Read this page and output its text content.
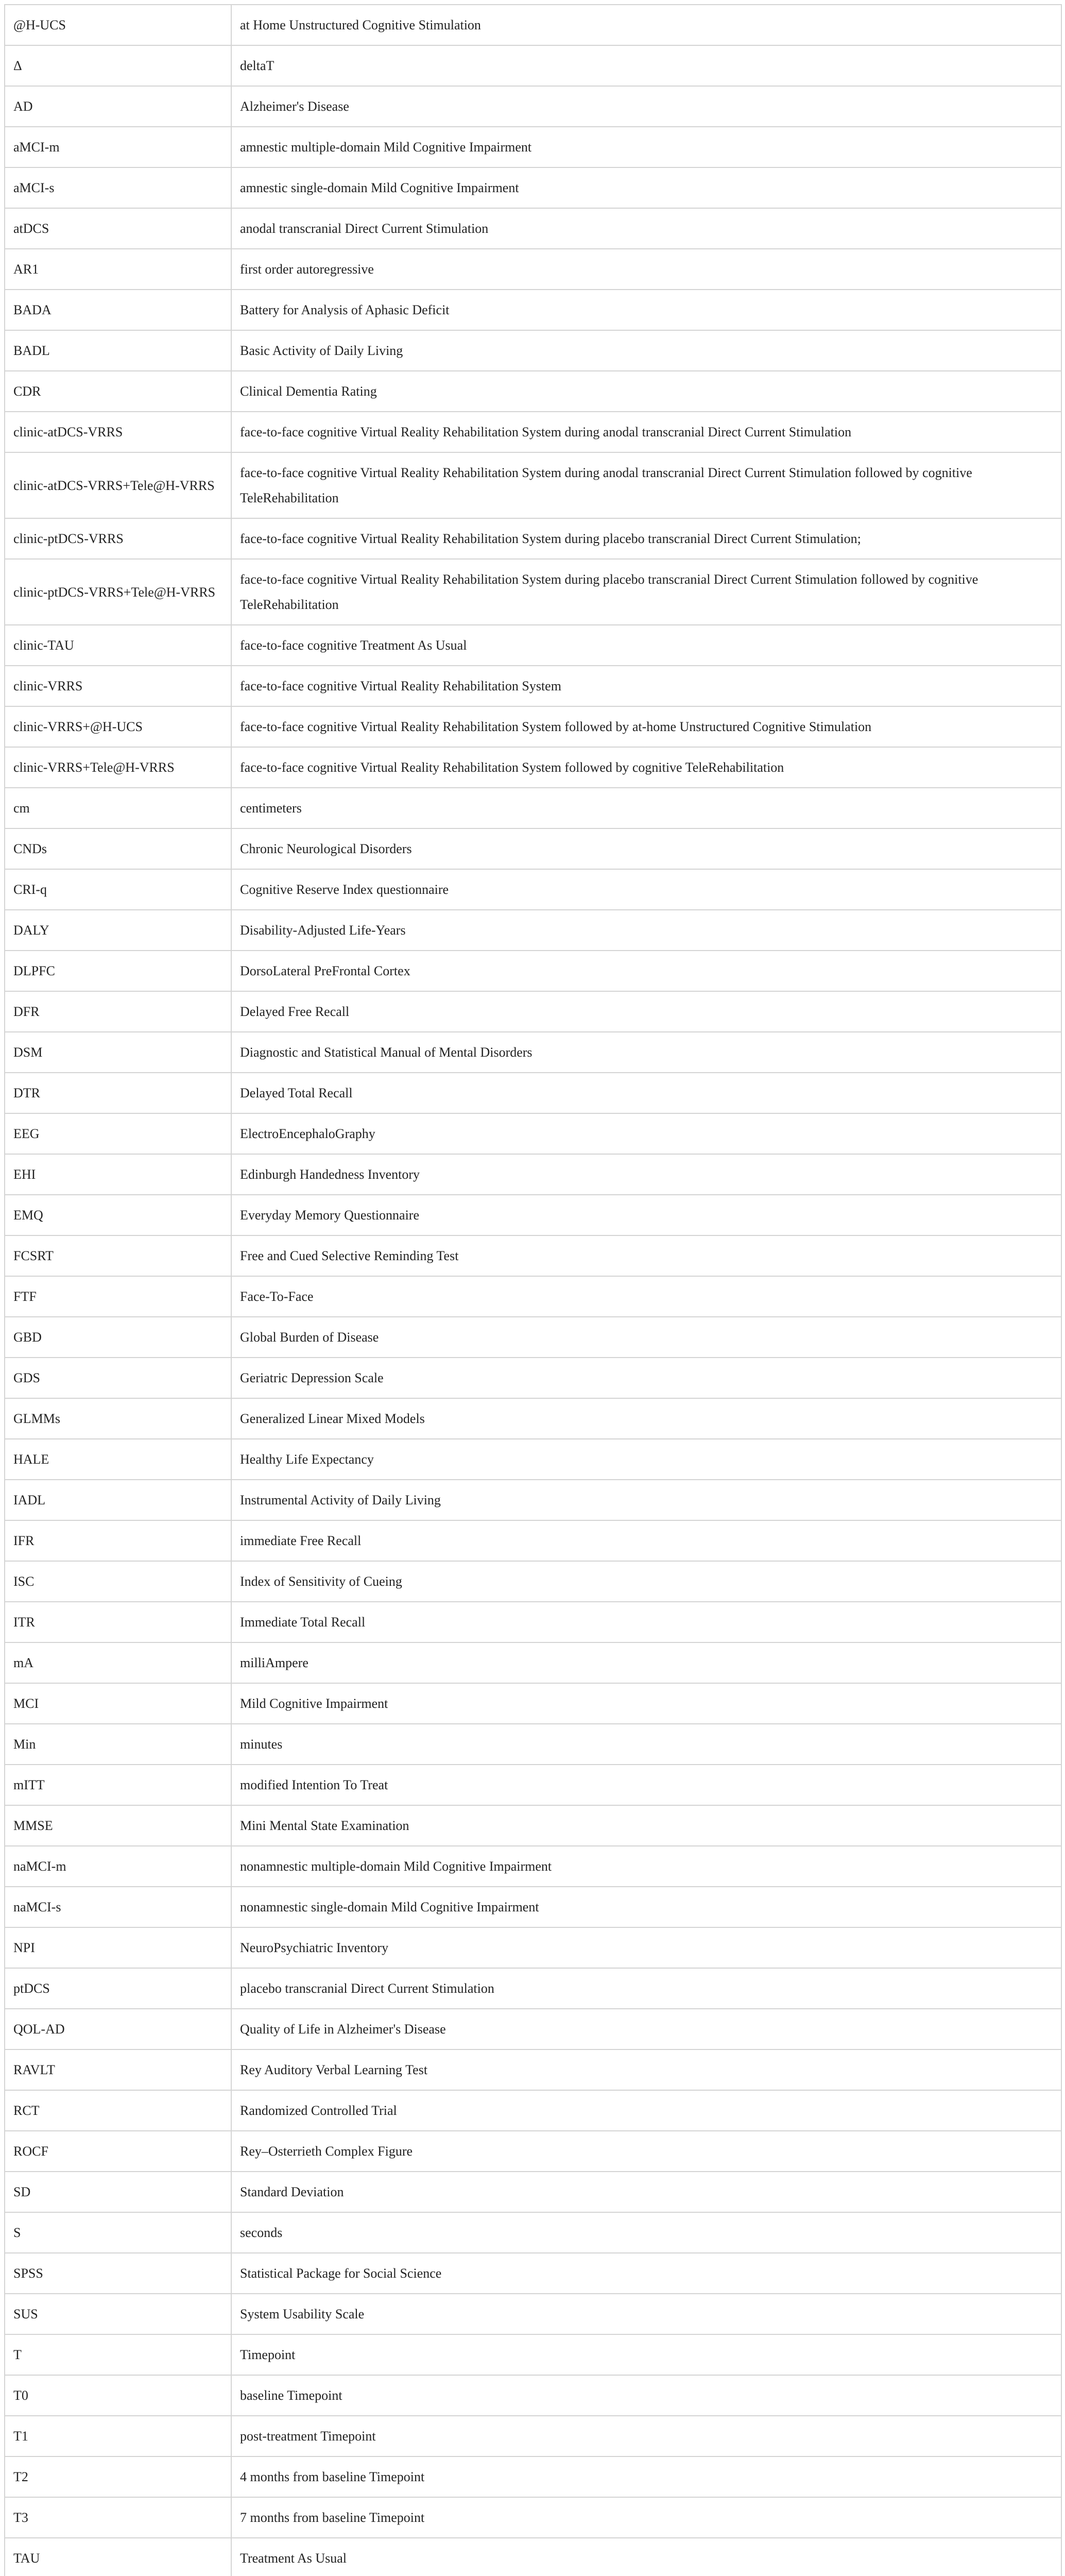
@H-UCS	at Home Unstructured Cognitive Stimulation
Δ	deltaT
AD	Alzheimer's Disease
aMCI-m	amnestic multiple-domain Mild Cognitive Impairment
aMCI-s	amnestic single-domain Mild Cognitive Impairment
atDCS	anodal transcranial Direct Current Stimulation
AR1	first order autoregressive
BADA	Battery for Analysis of Aphasic Deficit
BADL	Basic Activity of Daily Living
CDR	Clinical Dementia Rating
clinic-atDCS-VRRS	face-to-face cognitive Virtual Reality Rehabilitation System during anodal transcranial Direct Current Stimulation
clinic-atDCS-VRRS+Tele@H-VRRS	face-to-face cognitive Virtual Reality Rehabilitation System during anodal transcranial Direct Current Stimulation followed by cognitive TeleRehabilitation
clinic-ptDCS-VRRS	face-to-face cognitive Virtual Reality Rehabilitation System during placebo transcranial Direct Current Stimulation;
clinic-ptDCS-VRRS+Tele@H-VRRS	face-to-face cognitive Virtual Reality Rehabilitation System during placebo transcranial Direct Current Stimulation followed by cognitive TeleRehabilitation
clinic-TAU	face-to-face cognitive Treatment As Usual
clinic-VRRS	face-to-face cognitive Virtual Reality Rehabilitation System
clinic-VRRS+@H-UCS	face-to-face cognitive Virtual Reality Rehabilitation System followed by at-home Unstructured Cognitive Stimulation
clinic-VRRS+Tele@H-VRRS	face-to-face cognitive Virtual Reality Rehabilitation System followed by cognitive TeleRehabilitation
cm	centimeters
CNDs	Chronic Neurological Disorders
CRI-q	Cognitive Reserve Index questionnaire
DALY	Disability-Adjusted Life-Years
DLPFC	DorsoLateral PreFrontal Cortex
DFR	Delayed Free Recall
DSM	Diagnostic and Statistical Manual of Mental Disorders
DTR	Delayed Total Recall
EEG	ElectroEncephaloGraphy
EHI	Edinburgh Handedness Inventory
EMQ	Everyday Memory Questionnaire
FCSRT	Free and Cued Selective Reminding Test
FTF	Face-To-Face
GBD	Global Burden of Disease
GDS	Geriatric Depression Scale
GLMMs	Generalized Linear Mixed Models
HALE	Healthy Life Expectancy
IADL	Instrumental Activity of Daily Living
IFR	immediate Free Recall
ISC	Index of Sensitivity of Cueing
ITR	Immediate Total Recall
mA	milliAmpere
MCI	Mild Cognitive Impairment
Min	minutes
mITT	modified Intention To Treat
MMSE	Mini Mental State Examination
naMCI-m	nonamnestic multiple-domain Mild Cognitive Impairment
naMCI-s	nonamnestic single-domain Mild Cognitive Impairment
NPI	NeuroPsychiatric Inventory
ptDCS	placebo transcranial Direct Current Stimulation
QOL-AD	Quality of Life in Alzheimer's Disease
RAVLT	Rey Auditory Verbal Learning Test
RCT	Randomized Controlled Trial
ROCF	Rey–Osterrieth Complex Figure
SD	Standard Deviation
S	seconds
SPSS	Statistical Package for Social Science
SUS	System Usability Scale
T	Timepoint
T0	baseline Timepoint
T1	post-treatment Timepoint
T2	4 months from baseline Timepoint
T3	7 months from baseline Timepoint
TAU	Treatment As Usual
